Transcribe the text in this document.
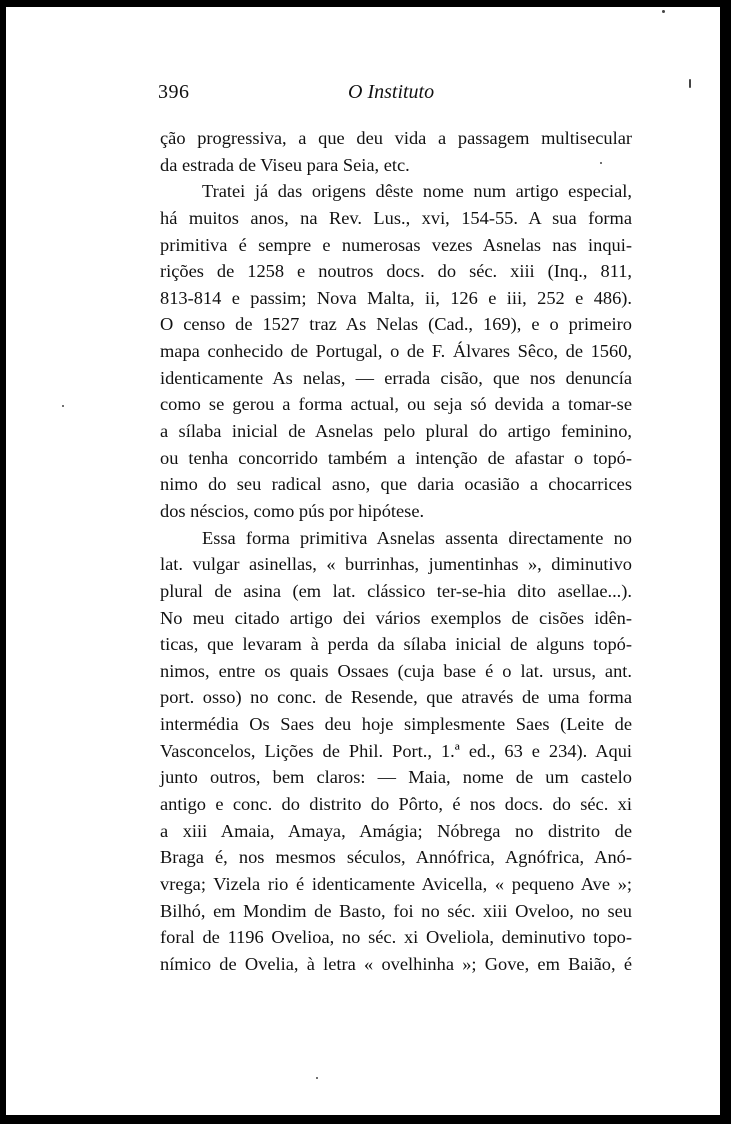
396	O Instituto
ção progressiva, a que deu vida a passagem multisecular
da estrada de Viseu para Seia, etc.
Tratei já das origens dêste nome num artigo especial,
há muitos anos, na Rev. Lus., xvi, 154-55. A sua forma
primitiva é sempre e numerosas vezes Asnelas nas inqui-
rições de 1258 e noutros docs. do séc. xiii (Inq., 811,
813-814 e passim; Nova Malta, ii, 126 e iii, 252 e 486).
O censo de 1527 traz As Nelas (Cad., 169), e o primeiro
mapa conhecido de Portugal, o de F. Álvares Sêco, de 1560,
identicamente As nelas, — errada cisão, que nos denuncía
como se gerou a forma actual, ou seja só devida a tomar-se
a sílaba inicial de Asnelas pelo plural do artigo feminino,
ou tenha concorrido também a intenção de afastar o topó-
nimo do seu radical asno, que daria ocasião a chocarrices
dos néscios, como pús por hipótese.
Essa forma primitiva Asnelas assenta directamente no
lat. vulgar asinellas, « burrinhas, jumentinhas », diminutivo
plural de asina (em lat. clássico ter-se-hia dito asellae...).
No meu citado artigo dei vários exemplos de cisões idên-
ticas, que levaram à perda da sílaba inicial de alguns topó-
nimos, entre os quais Ossaes (cuja base é o lat. ursus, ant.
port. osso) no conc. de Resende, que através de uma forma
intermédia Os Saes deu hoje simplesmente Saes (Leite de
Vasconcelos, Lições de Phil. Port., 1.ª ed., 63 e 234). Aqui
junto outros, bem claros: — Maia, nome de um castelo
antigo e conc. do distrito do Pôrto, é nos docs. do séc. xi
a xiii Amaia, Amaya, Amágia; Nóbrega no distrito de
Braga é, nos mesmos séculos, Annófrica, Agnófrica, Anó-
vrega; Vizela rio é identicamente Avicella, « pequeno Ave »;
Bilhó, em Mondim de Basto, foi no séc. xiii Oveloo, no seu
foral de 1196 Ovelioa, no séc. xi Oveliola, deminutivo topo-
nímico de Ovelia, à letra « ovelhinha »; Gove, em Baião, é
